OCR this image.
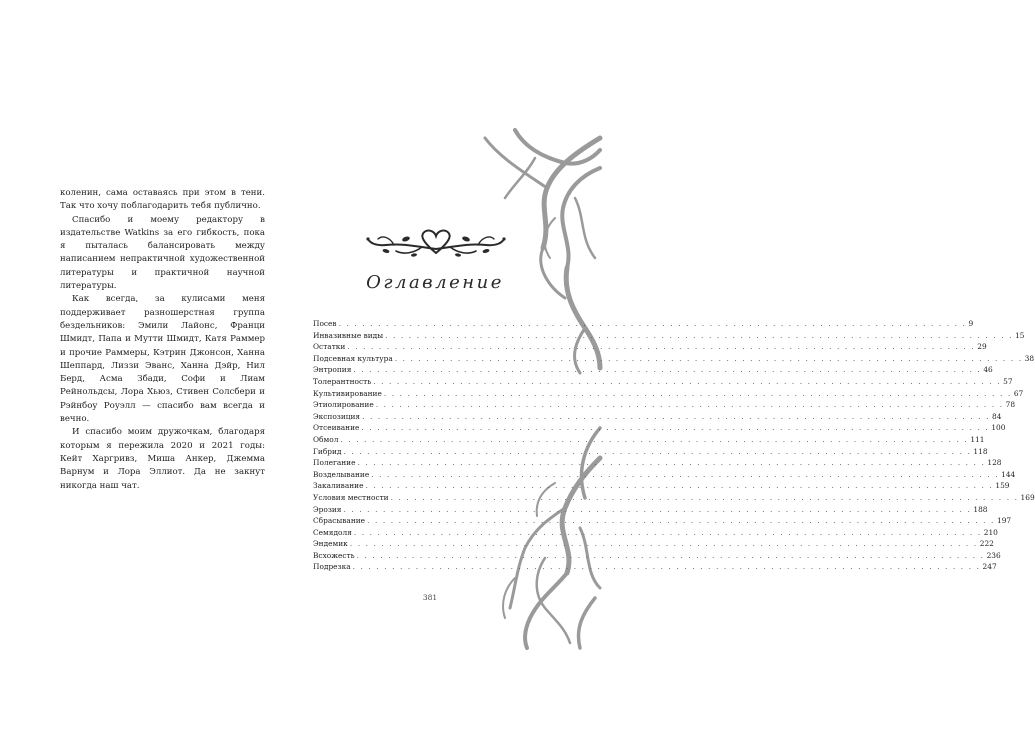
коленин, сама оставаясь при этом в тени. Так что хочу поблагодарить тебя публично.

Спасибо и моему редактору в издательстве Watkins за его гибкость, пока я пыталась балансировать между написанием непрактичной художественной литературы и практичной научной литературы.

Как всегда, за кулисами меня поддерживает разношерстная группа бездельников: Эмили Лайонс, Франци Шмидт, Папа и Мутти Шмидт, Катя Раммер и прочие Раммеры, Кэтрин Джонсон, Ханна Шеппард, Лиззи Эванс, Ханна Дэйр, Нил Берд, Асма Збади, Софи и Лиам Рейнольдсы, Лора Хьюз, Стивен Солсбери и Рэйнбоу Роуэлл — спасибо вам всегда и вечно.

И спасибо моим дружочкам, благодаря которым я пережила 2020 и 2021 годы: Кейт Харгривз, Миша Анкер, Джемма Варнум и Лора Эллиот. Да не закнут никогда наш чат.

Оглавление
Посев . . . . . . . . . . . . . . . . . . . . . . . . . . . . . . . . . . . . . . . . . . . . . . . . . . . . . . . . . . . . . . . . . . . . . . . . . . . . . . . . 9
Инвазивные виды . . . . . . . . . . . . . . . . . . . . . . . . . . . . . . . . . . . . . . . . . . . . . . . . . . . . . . . . . . . . . . . . . . . . . . . . . . . . . . . . 15
Остатки . . . . . . . . . . . . . . . . . . . . . . . . . . . . . . . . . . . . . . . . . . . . . . . . . . . . . . . . . . . . . . . . . . . . . . . . . . . . . . . . 29
Подсевная культура . . . . . . . . . . . . . . . . . . . . . . . . . . . . . . . . . . . . . . . . . . . . . . . . . . . . . . . . . . . . . . . . . . . . . . . . . . . . . . . . 38
Энтропия . . . . . . . . . . . . . . . . . . . . . . . . . . . . . . . . . . . . . . . . . . . . . . . . . . . . . . . . . . . . . . . . . . . . . . . . . . . . . . . . 46
Толерантность . . . . . . . . . . . . . . . . . . . . . . . . . . . . . . . . . . . . . . . . . . . . . . . . . . . . . . . . . . . . . . . . . . . . . . . . . . . . . . . . 57
Культивирование . . . . . . . . . . . . . . . . . . . . . . . . . . . . . . . . . . . . . . . . . . . . . . . . . . . . . . . . . . . . . . . . . . . . . . . . . . . . . . . . 67
Этиолирование . . . . . . . . . . . . . . . . . . . . . . . . . . . . . . . . . . . . . . . . . . . . . . . . . . . . . . . . . . . . . . . . . . . . . . . . . . . . . . . . 78
Экспозиция . . . . . . . . . . . . . . . . . . . . . . . . . . . . . . . . . . . . . . . . . . . . . . . . . . . . . . . . . . . . . . . . . . . . . . . . . . . . . . . . 84
Отсеивание . . . . . . . . . . . . . . . . . . . . . . . . . . . . . . . . . . . . . . . . . . . . . . . . . . . . . . . . . . . . . . . . . . . . . . . . . . . . . . . . 100
Обмол . . . . . . . . . . . . . . . . . . . . . . . . . . . . . . . . . . . . . . . . . . . . . . . . . . . . . . . . . . . . . . . . . . . . . . . . . . . . . . . . 111
Гибрид . . . . . . . . . . . . . . . . . . . . . . . . . . . . . . . . . . . . . . . . . . . . . . . . . . . . . . . . . . . . . . . . . . . . . . . . . . . . . . . . 118
Полегание . . . . . . . . . . . . . . . . . . . . . . . . . . . . . . . . . . . . . . . . . . . . . . . . . . . . . . . . . . . . . . . . . . . . . . . . . . . . . . . . 128
Возделывание . . . . . . . . . . . . . . . . . . . . . . . . . . . . . . . . . . . . . . . . . . . . . . . . . . . . . . . . . . . . . . . . . . . . . . . . . . . . . . . . 144
Закаливание . . . . . . . . . . . . . . . . . . . . . . . . . . . . . . . . . . . . . . . . . . . . . . . . . . . . . . . . . . . . . . . . . . . . . . . . . . . . . . . . 159
Условия местности . . . . . . . . . . . . . . . . . . . . . . . . . . . . . . . . . . . . . . . . . . . . . . . . . . . . . . . . . . . . . . . . . . . . . . . . . . . . . . . . 169
Эрозия . . . . . . . . . . . . . . . . . . . . . . . . . . . . . . . . . . . . . . . . . . . . . . . . . . . . . . . . . . . . . . . . . . . . . . . . . . . . . . . . 188
Сбрасывание . . . . . . . . . . . . . . . . . . . . . . . . . . . . . . . . . . . . . . . . . . . . . . . . . . . . . . . . . . . . . . . . . . . . . . . . . . . . . . . . 197
Семядоля . . . . . . . . . . . . . . . . . . . . . . . . . . . . . . . . . . . . . . . . . . . . . . . . . . . . . . . . . . . . . . . . . . . . . . . . . . . . . . . . 210
Эндемик . . . . . . . . . . . . . . . . . . . . . . . . . . . . . . . . . . . . . . . . . . . . . . . . . . . . . . . . . . . . . . . . . . . . . . . . . . . . . . . . 222
Всхожесть . . . . . . . . . . . . . . . . . . . . . . . . . . . . . . . . . . . . . . . . . . . . . . . . . . . . . . . . . . . . . . . . . . . . . . . . . . . . . . . . 236
Подрезка . . . . . . . . . . . . . . . . . . . . . . . . . . . . . . . . . . . . . . . . . . . . . . . . . . . . . . . . . . . . . . . . . . . . . . . . . . . . . . . . 247
381
